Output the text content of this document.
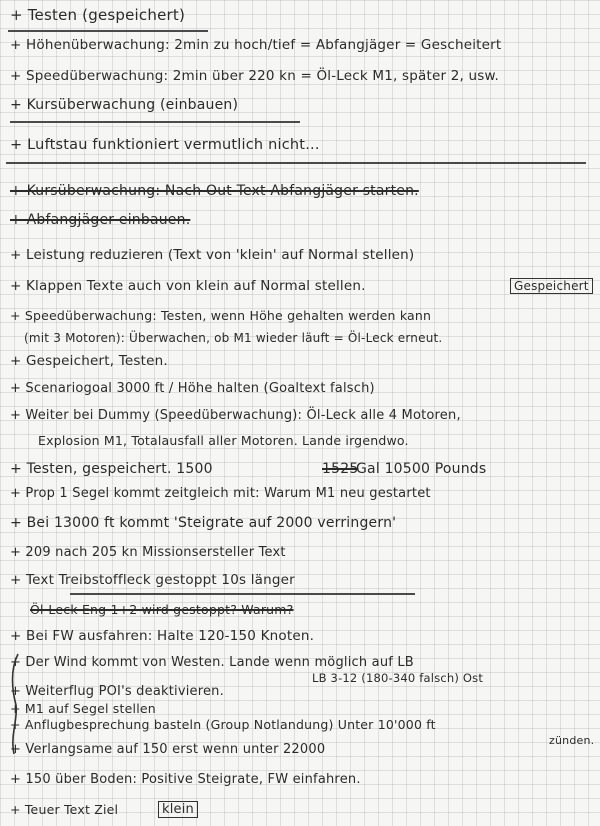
+ Testen (gespeichert)
+ Höhenüberwachung: 2min zu hoch/tief = Abfangjäger = Gescheitert
+ Speedüberwachung: 2min über 220 kn = Öl-Leck M1, später 2, usw.
+ Kursüberwachung (einbauen)
+ Luftstau funktioniert vermutlich nicht...
+ Kursüberwachung: Nach Out Text Abfangjäger starten.
+ Abfangjäger einbauen.
+ Leistung reduzieren (Text von 'klein' auf Normal stellen)
+ Klappen Texte auch von klein auf Normal stellen.	Gespeichert
+ Speedüberwachung: Testen, wenn Höhe gehalten werden kann
(mit 3 Motoren): Überwachen, ob M1 wieder läuft = Öl-Leck erneut.
+ Gespeichert, Testen.
+ Scenariogoal 3000 ft / Höhe halten (Goaltext falsch)
+ Weiter bei Dummy (Speedüberwachung): Öl-Leck alle 4 Motoren,
Explosion M1, Totalausfall aller Motoren. Lande irgendwo.
+ Testen, gespeichert. 1500	1525
Gal 10500 Pounds
+ Prop 1 Segel kommt zeitgleich mit: Warum M1 neu gestartet
+ Bei 13000 ft kommt 'Steigrate auf 2000 verringern'
+ 209 nach 205 kn Missionsersteller Text
+ Text Treibstoffleck gestoppt 10s länger
Öl-Leck Eng 1+2 wird gestoppt? Warum?
+ Bei FW ausfahren: Halte 120-150 Knoten.
+ Der Wind kommt von Westen. Lande wenn möglich auf LB
LB 3-12 (180-340 falsch) Ost
+ Weiterflug POI's deaktivieren.
+ M1 auf Segel stellen
+ Anflugbesprechung basteln (Group Notlandung) Unter 10'000 ft
zünden.
+ Verlangsame auf 150 erst wenn unter 22000
+ 150 über Boden: Positive Steigrate, FW einfahren.
+ Teuer Text Ziel	klein
